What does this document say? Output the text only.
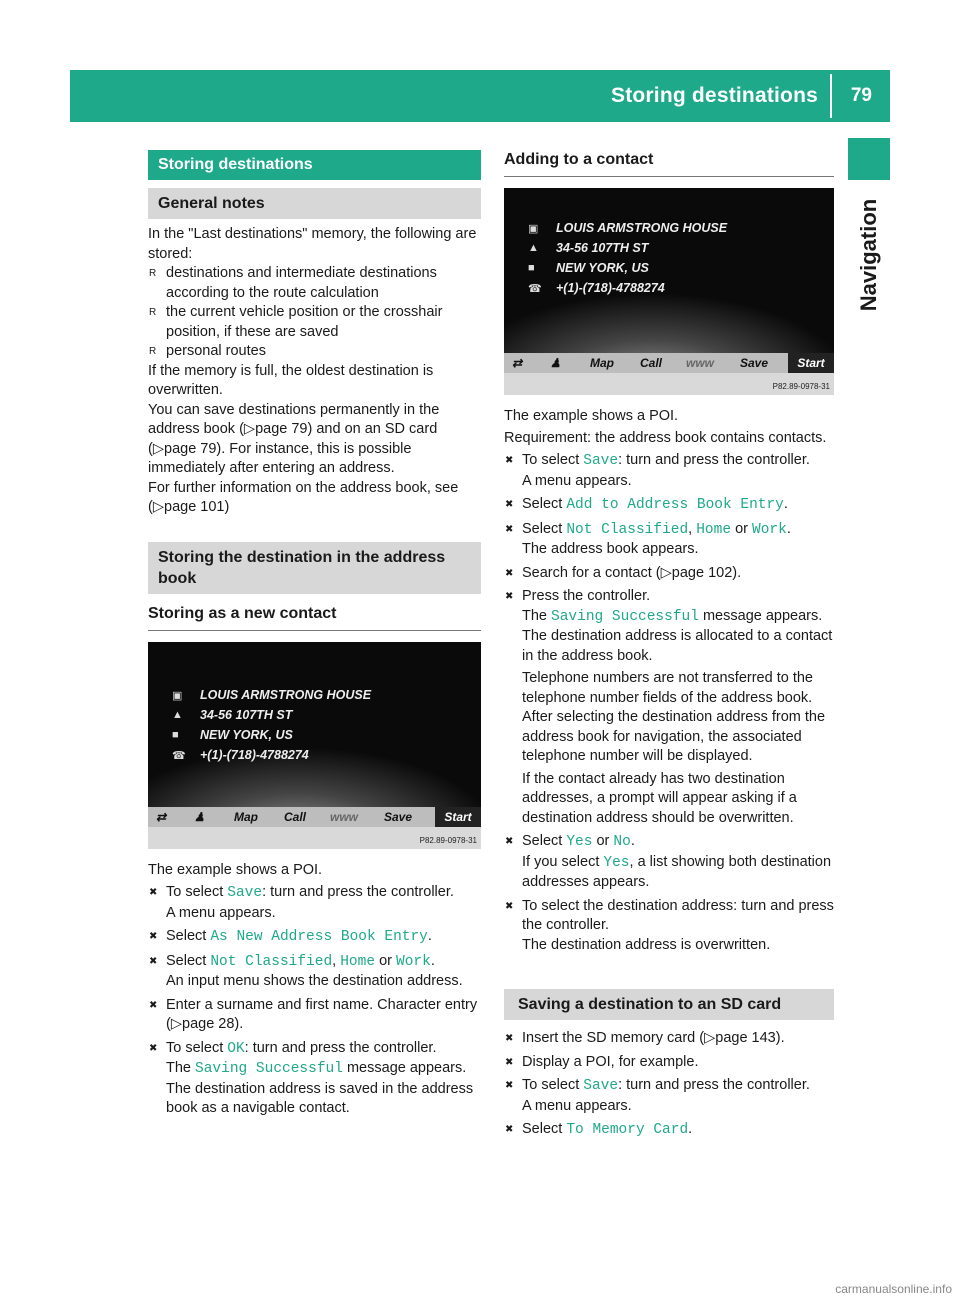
Storing destinations 79
Navigation
Storing destinations
General notes

In the "Last destinations" memory, the following are stored:

R destinations and intermediate destinations according to the route calculation
R the current vehicle position or the crosshair position, if these are saved
R personal routes

If the memory is full, the oldest destination is overwritten.

You can save destinations permanently in the address book (▷page 79) and on an SD card (▷page 79). For instance, this is possible immediately after entering an address.

For further information on the address book, see (▷page 101)

Storing the destination in the address book
Storing as a new contact
▣ LOUIS ARMSTRONG HOUSE
▲ 34-56 107TH ST
■ NEW YORK, US
☎ +(1)-(718)-4788274
⇄ ♟ Map Call www Save	Start
P82.89-0978-31

The example shows a POI.

✖ To select Save: turn and press the controller.
A menu appears.
✖ Select As New Address Book Entry.
✖ Select Not Classified, Home or Work.
An input menu shows the destination address.
✖ Enter a surname and first name. Character entry (▷page 28).
✖ To select OK: turn and press the controller.
The Saving Successful message appears.
The destination address is saved in the address book as a navigable contact.
Adding to a contact
▣ LOUIS ARMSTRONG HOUSE
▲ 34-56 107TH ST
■ NEW YORK, US
☎ +(1)-(718)-4788274
⇄ ♟ Map Call www Save	Start
P82.89-0978-31

The example shows a POI.

Requirement: the address book contains contacts.

✖ To select Save: turn and press the controller.
A menu appears.
✖ Select Add to Address Book Entry.
✖ Select Not Classified, Home or Work.
The address book appears.
✖ Search for a contact (▷page 102).
✖ Press the controller.
The Saving Successful message appears.
The destination address is allocated to a contact in the address book.
Telephone numbers are not transferred to the telephone number fields of the address book. After selecting the destination address from the address book for navigation, the associated telephone number will be displayed.
If the contact already has two destination addresses, a prompt will appear asking if a destination address should be overwritten.
✖ Select Yes or No.
If you select Yes, a list showing both destination addresses appears.
✖ To select the destination address: turn and press the controller.
The destination address is overwritten.
Saving a destination to an SD card
✖ Insert the SD memory card (▷page 143).
✖ Display a POI, for example.
✖ To select Save: turn and press the controller.
A menu appears.
✖ Select To Memory Card.
carmanualsonline.info
